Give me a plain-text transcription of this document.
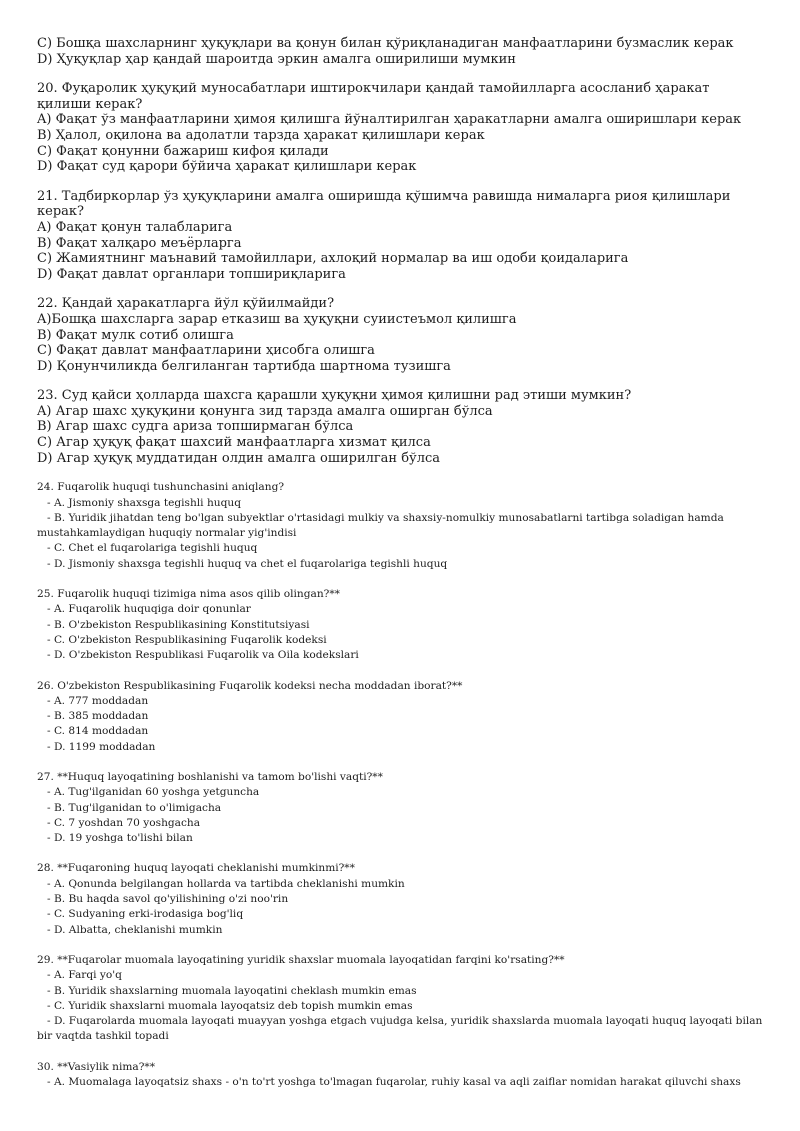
C) Бошқа шахсларнинг ҳуқуқлари ва қонун билан қўриқланадиган манфаатларини бузмаслик керак

D) Ҳуқуқлар ҳар қандай шароитда эркин амалга оширилиши мумкин

20. Фуқаролик ҳуқуқий муносабатлари иштирокчилари қандай тамойилларга асосланиб ҳаракат қилиши керак?

A) Фақат ўз манфаатларини ҳимоя қилишга йўналтирилган ҳаракатларни амалга оширишлари керак

B) Ҳалол, оқилона ва адолатли тарзда ҳаракат қилишлари керак

C) Фақат қонунни бажариш кифоя қилади

D) Фақат суд қарори бўйича ҳаракат қилишлари керак

21. Тадбиркорлар ўз ҳуқуқларини амалга оширишда қўшимча равишда нималарга риоя қилишлари керак?

A) Фақат қонун талабларига

B) Фақат халқаро меъёрларга

C) Жамиятнинг маънавий тамойиллари, ахлоқий нормалар ва иш одоби қоидаларига

D) Фақат давлат органлари топшириқларига

22. Қандай ҳаракатларга йўл қўйилмайди?

A)Бошқа шахсларга зарар етказиш ва ҳуқуқни суиистеъмол қилишга

B) Фақат мулк сотиб олишга

C) Фақат давлат манфаатларини ҳисобга олишга

D) Қонунчиликда белгиланган тартибда шартнома тузишга

23. Суд қайси ҳолларда шахсга қарашли ҳуқуқни ҳимоя қилишни рад этиши мумкин?

A) Агар шахс ҳуқуқини қонунга зид тарзда амалга оширган бўлса

B) Агар шахс судга ариза топширмаган бўлса

C) Агар ҳуқуқ фақат шахсий манфаатларга хизмат қилса

D) Агар ҳуқуқ муддатидан олдин амалга оширилган бўлса

24. Fuqarolik huquqi tushunchasini aniqlang?

- A. Jismoniy shaxsga tegishli huquq

- B. Yuridik jihatdan teng bo'lgan subyektlar o'rtasidagi mulkiy va shaxsiy-nomulkiy munosabatlarni tartibga soladigan hamda mustahkamlaydigan huquqiy normalar yig'indisi

- C. Chet el fuqarolariga tegishli huquq

- D. Jismoniy shaxsga tegishli huquq va chet el fuqarolariga tegishli huquq

25. Fuqarolik huquqi tizimiga nima asos qilib olingan?**

- A. Fuqarolik huquqiga doir qonunlar

- B. O'zbekiston Respublikasining Konstitutsiyasi

- C. O'zbekiston Respublikasining Fuqarolik kodeksi

- D. O'zbekiston Respublikasi Fuqarolik va Oila kodekslari

26. O'zbekiston Respublikasining Fuqarolik kodeksi necha moddadan iborat?**

- A. 777 moddadan

- B. 385 moddadan

- C. 814 moddadan

- D. 1199 moddadan

27. **Huquq layoqatining boshlanishi va tamom bo'lishi vaqti?**

- A. Tug'ilganidan 60 yoshga yetguncha

- B. Tug'ilganidan to o'limigacha

- C. 7 yoshdan 70 yoshgacha

- D. 19 yoshga to'lishi bilan

28. **Fuqaroning huquq layoqati cheklanishi mumkinmi?**

- A. Qonunda belgilangan hollarda va tartibda cheklanishi mumkin

- B. Bu haqda savol qo'yilishining o'zi noo'rin

- C. Sudyaning erki-irodasiga bog'liq

- D. Albatta, cheklanishi mumkin

29. **Fuqarolar muomala layoqatining yuridik shaxslar muomala layoqatidan farqini ko'rsating?**

- A. Farqi yo'q

- B. Yuridik shaxslarning muomala layoqatini cheklash mumkin emas

- C. Yuridik shaxslarni muomala layoqatsiz deb topish mumkin emas

- D. Fuqarolarda muomala layoqati muayyan yoshga etgach vujudga kelsa, yuridik shaxslarda muomala layoqati huquq layoqati bilan bir vaqtda tashkil topadi

30. **Vasiylik nima?**

- A. Muomalaga layoqatsiz shaxs - o'n to'rt yoshga to'lmagan fuqarolar, ruhiy kasal va aqli zaiflar nomidan harakat qiluvchi shaxs
